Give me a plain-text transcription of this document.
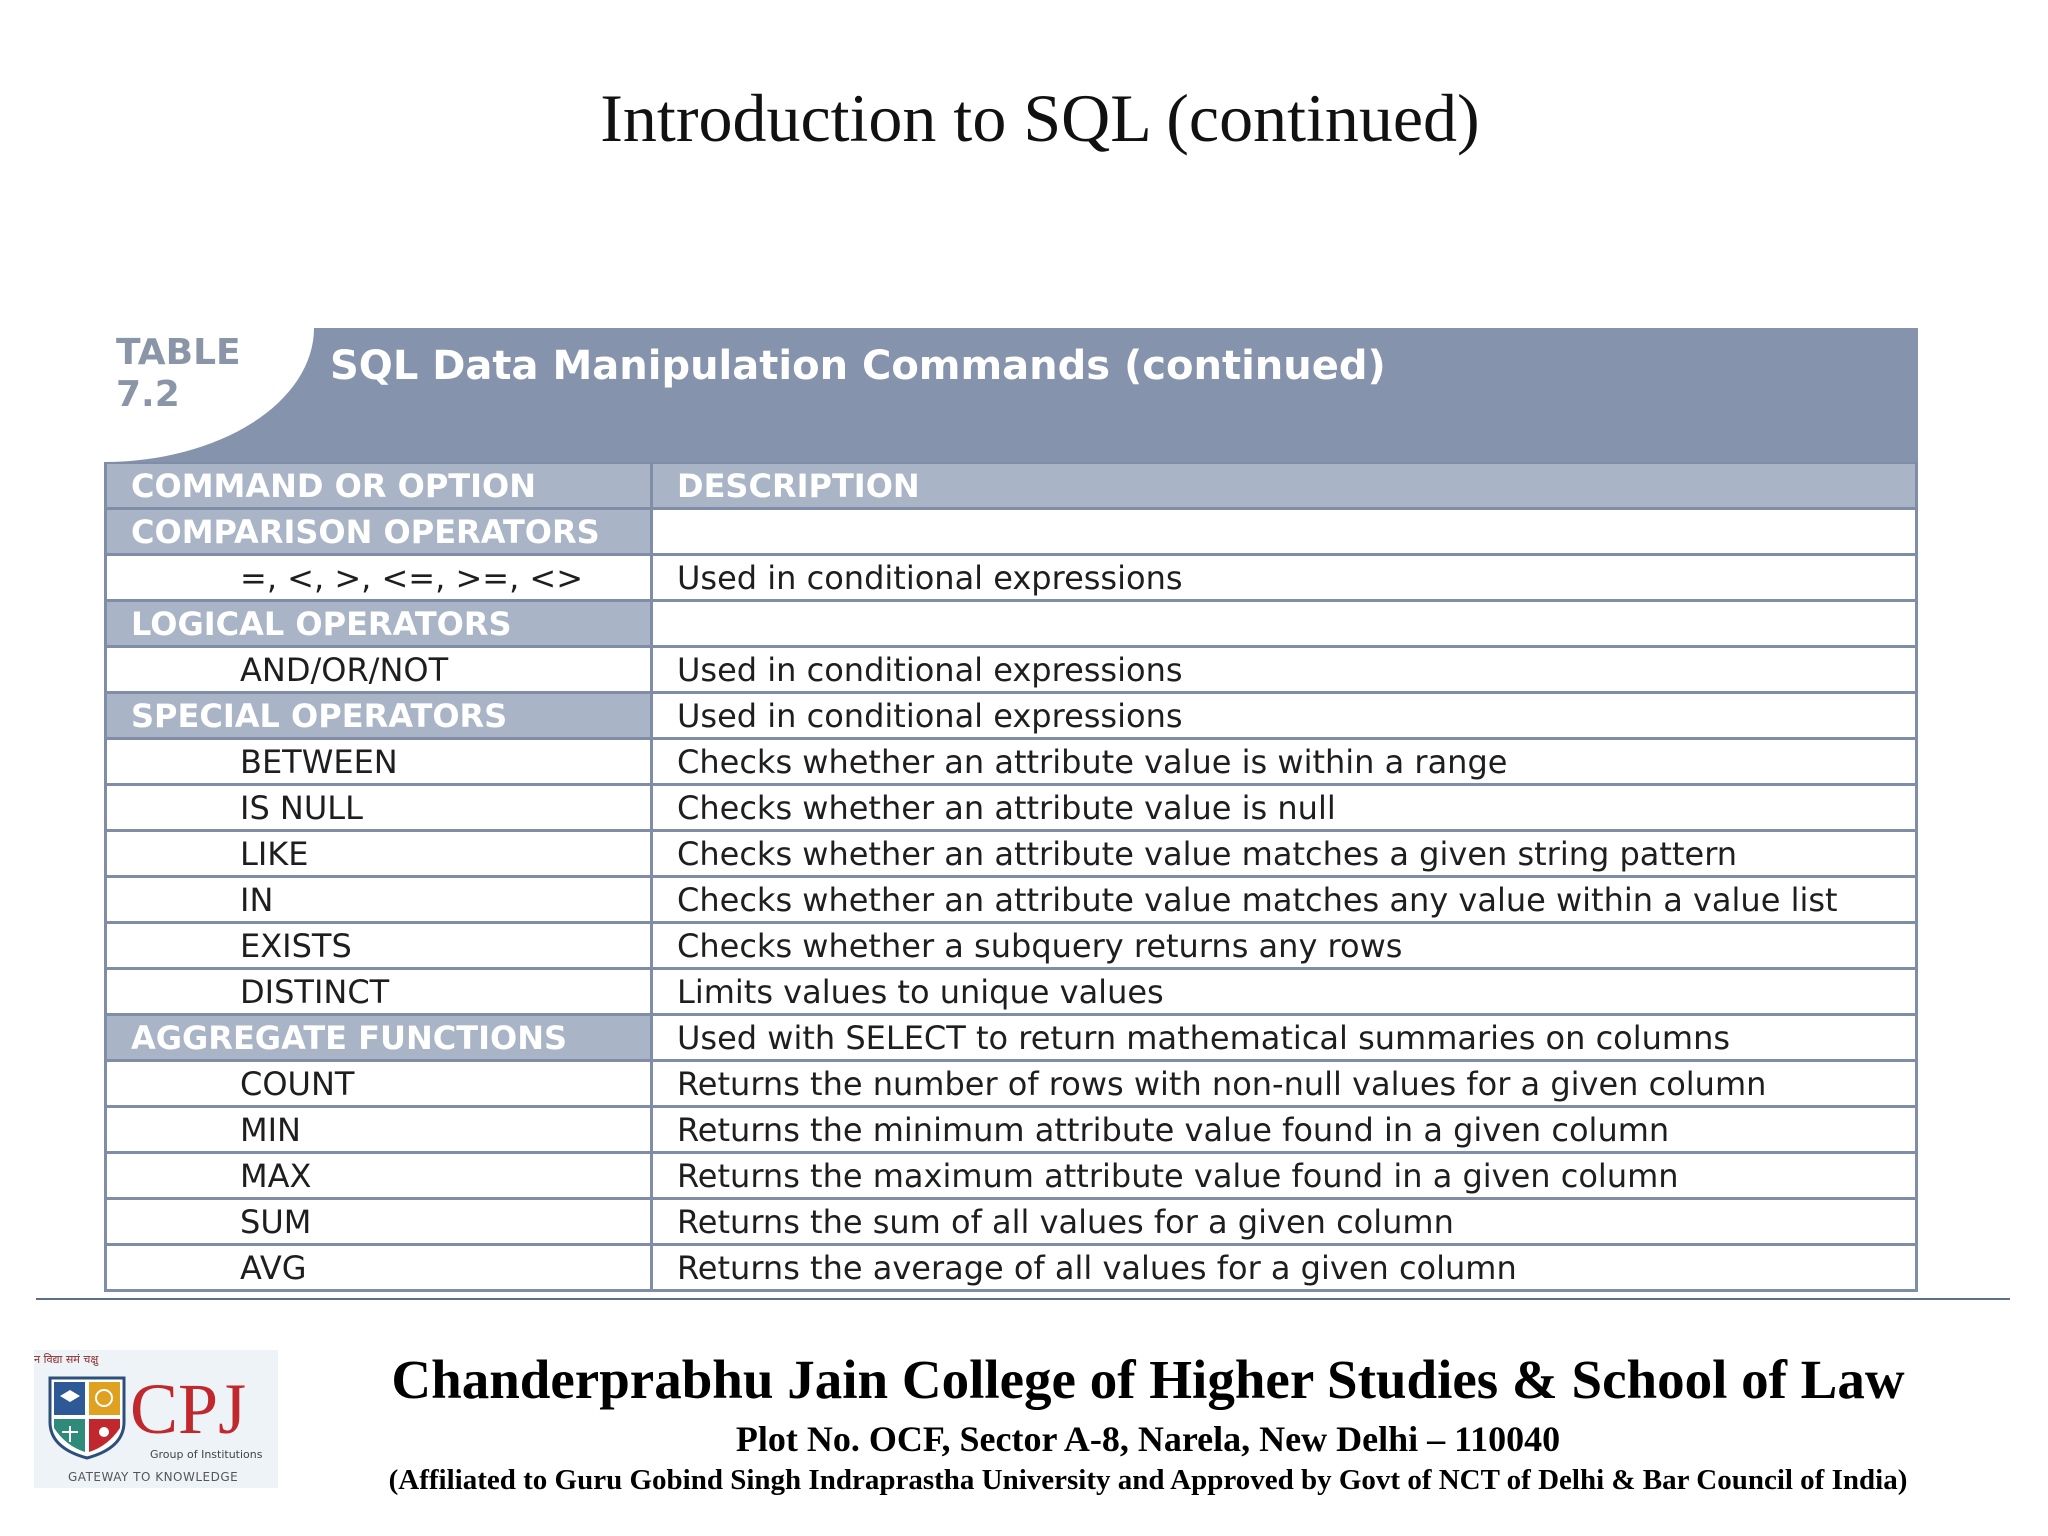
Introduction to SQL (continued)
TABLE
7.2
SQL Data Manipulation Commands (continued)
COMMAND OR OPTION	DESCRIPTION
COMPARISON OPERATORS
=, <, >, <=, >=, <>	Used in conditional expressions
LOGICAL OPERATORS
AND/OR/NOT	Used in conditional expressions
SPECIAL OPERATORS	Used in conditional expressions
BETWEEN	Checks whether an attribute value is within a range
IS NULL	Checks whether an attribute value is null
LIKE	Checks whether an attribute value matches a given string pattern
IN	Checks whether an attribute value matches any value within a value list
EXISTS	Checks whether a subquery returns any rows
DISTINCT	Limits values to unique values
AGGREGATE FUNCTIONS	Used with SELECT to return mathematical summaries on columns
COUNT	Returns the number of rows with non-null values for a given column
MIN	Returns the minimum attribute value found in a given column
MAX	Returns the maximum attribute value found in a given column
SUM	Returns the sum of all values for a given column
AVG	Returns the average of all values for a given column
न विद्या समं चक्षु
CPJ
Group of Institutions
GATEWAY TO KNOWLEDGE
Chanderprabhu Jain College of Higher Studies & School of Law
Plot No. OCF, Sector A-8, Narela, New Delhi – 110040
(Affiliated to Guru Gobind Singh Indraprastha University and Approved by Govt of NCT of Delhi & Bar Council of India)
